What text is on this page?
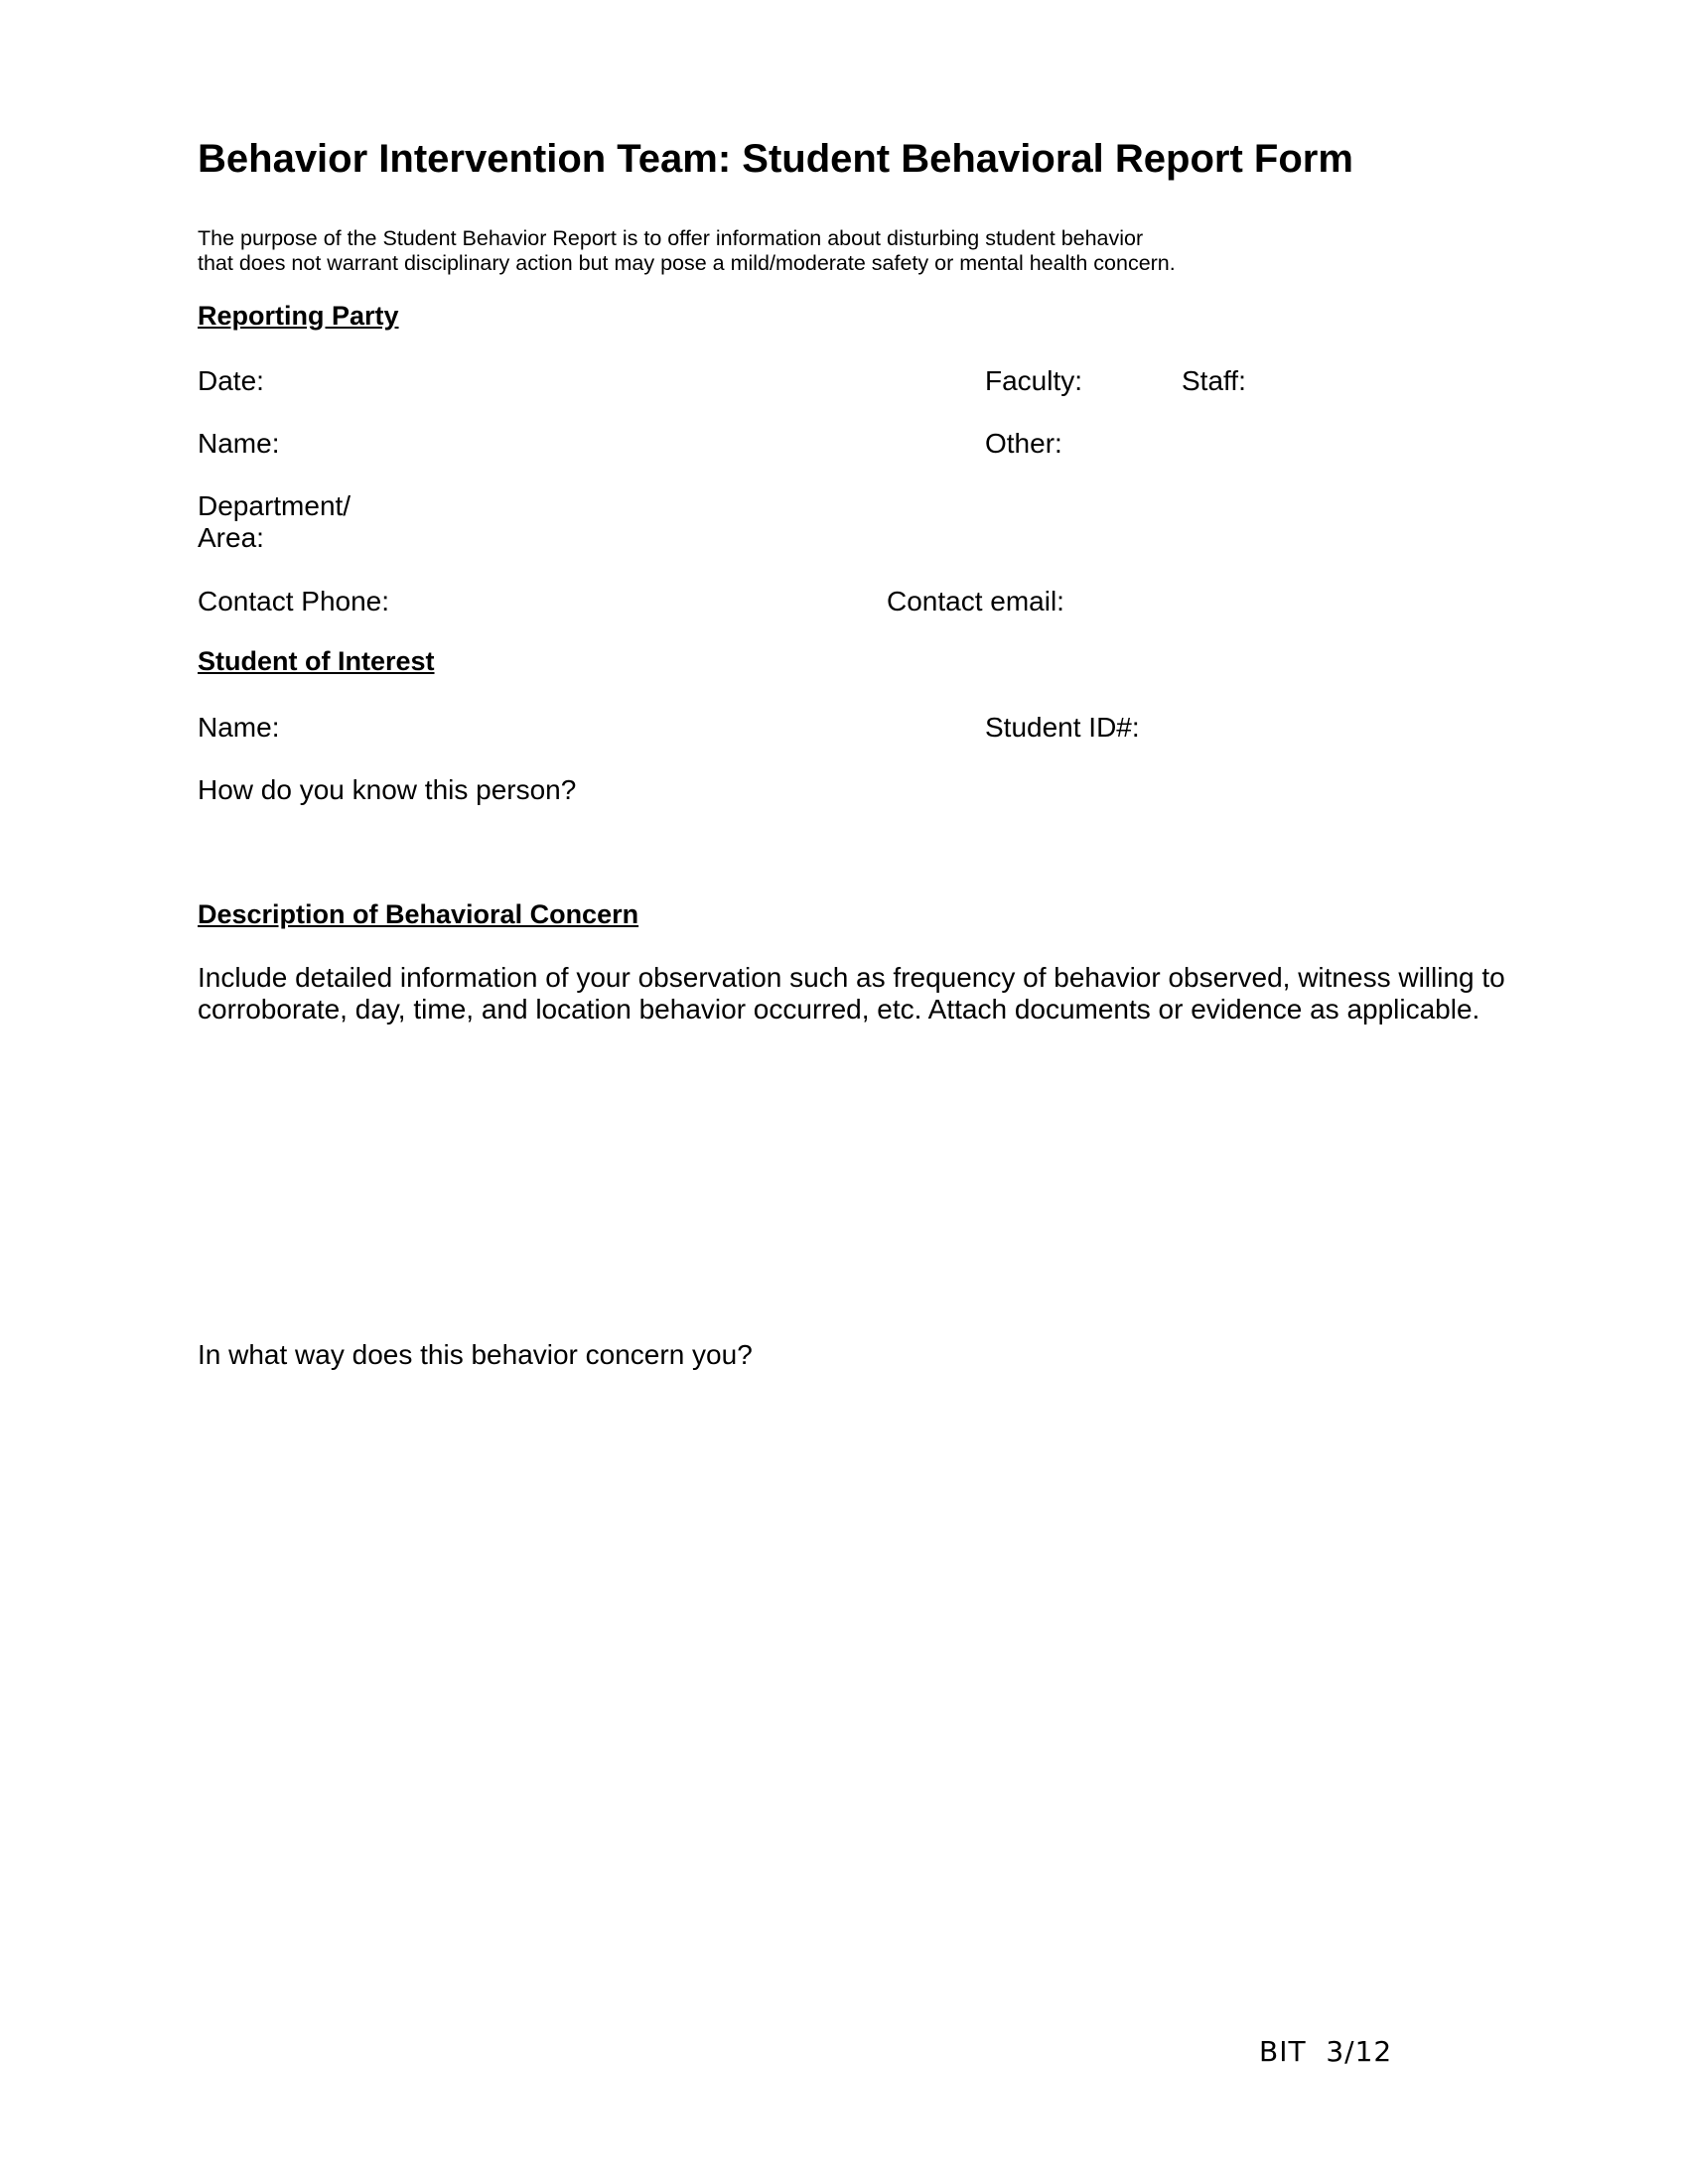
Behavior Intervention Team: Student Behavioral Report Form
The purpose of the Student Behavior Report is to offer information about disturbing student behavior
that does not warrant disciplinary action but may pose a mild/moderate safety or mental health concern.
Reporting Party
Date:	Faculty:	Staff:
Name:	Other:
Department/
Area:
Contact Phone:	Contact email:
Student of Interest
Name:	Student ID#:
How do you know this person?
Description of Behavioral Concern
Include detailed information of your observation such as frequency of behavior observed, witness willing to
corroborate, day, time, and location behavior occurred, etc. Attach documents or evidence as applicable.
In what way does this behavior concern you?
BIT  3/12
